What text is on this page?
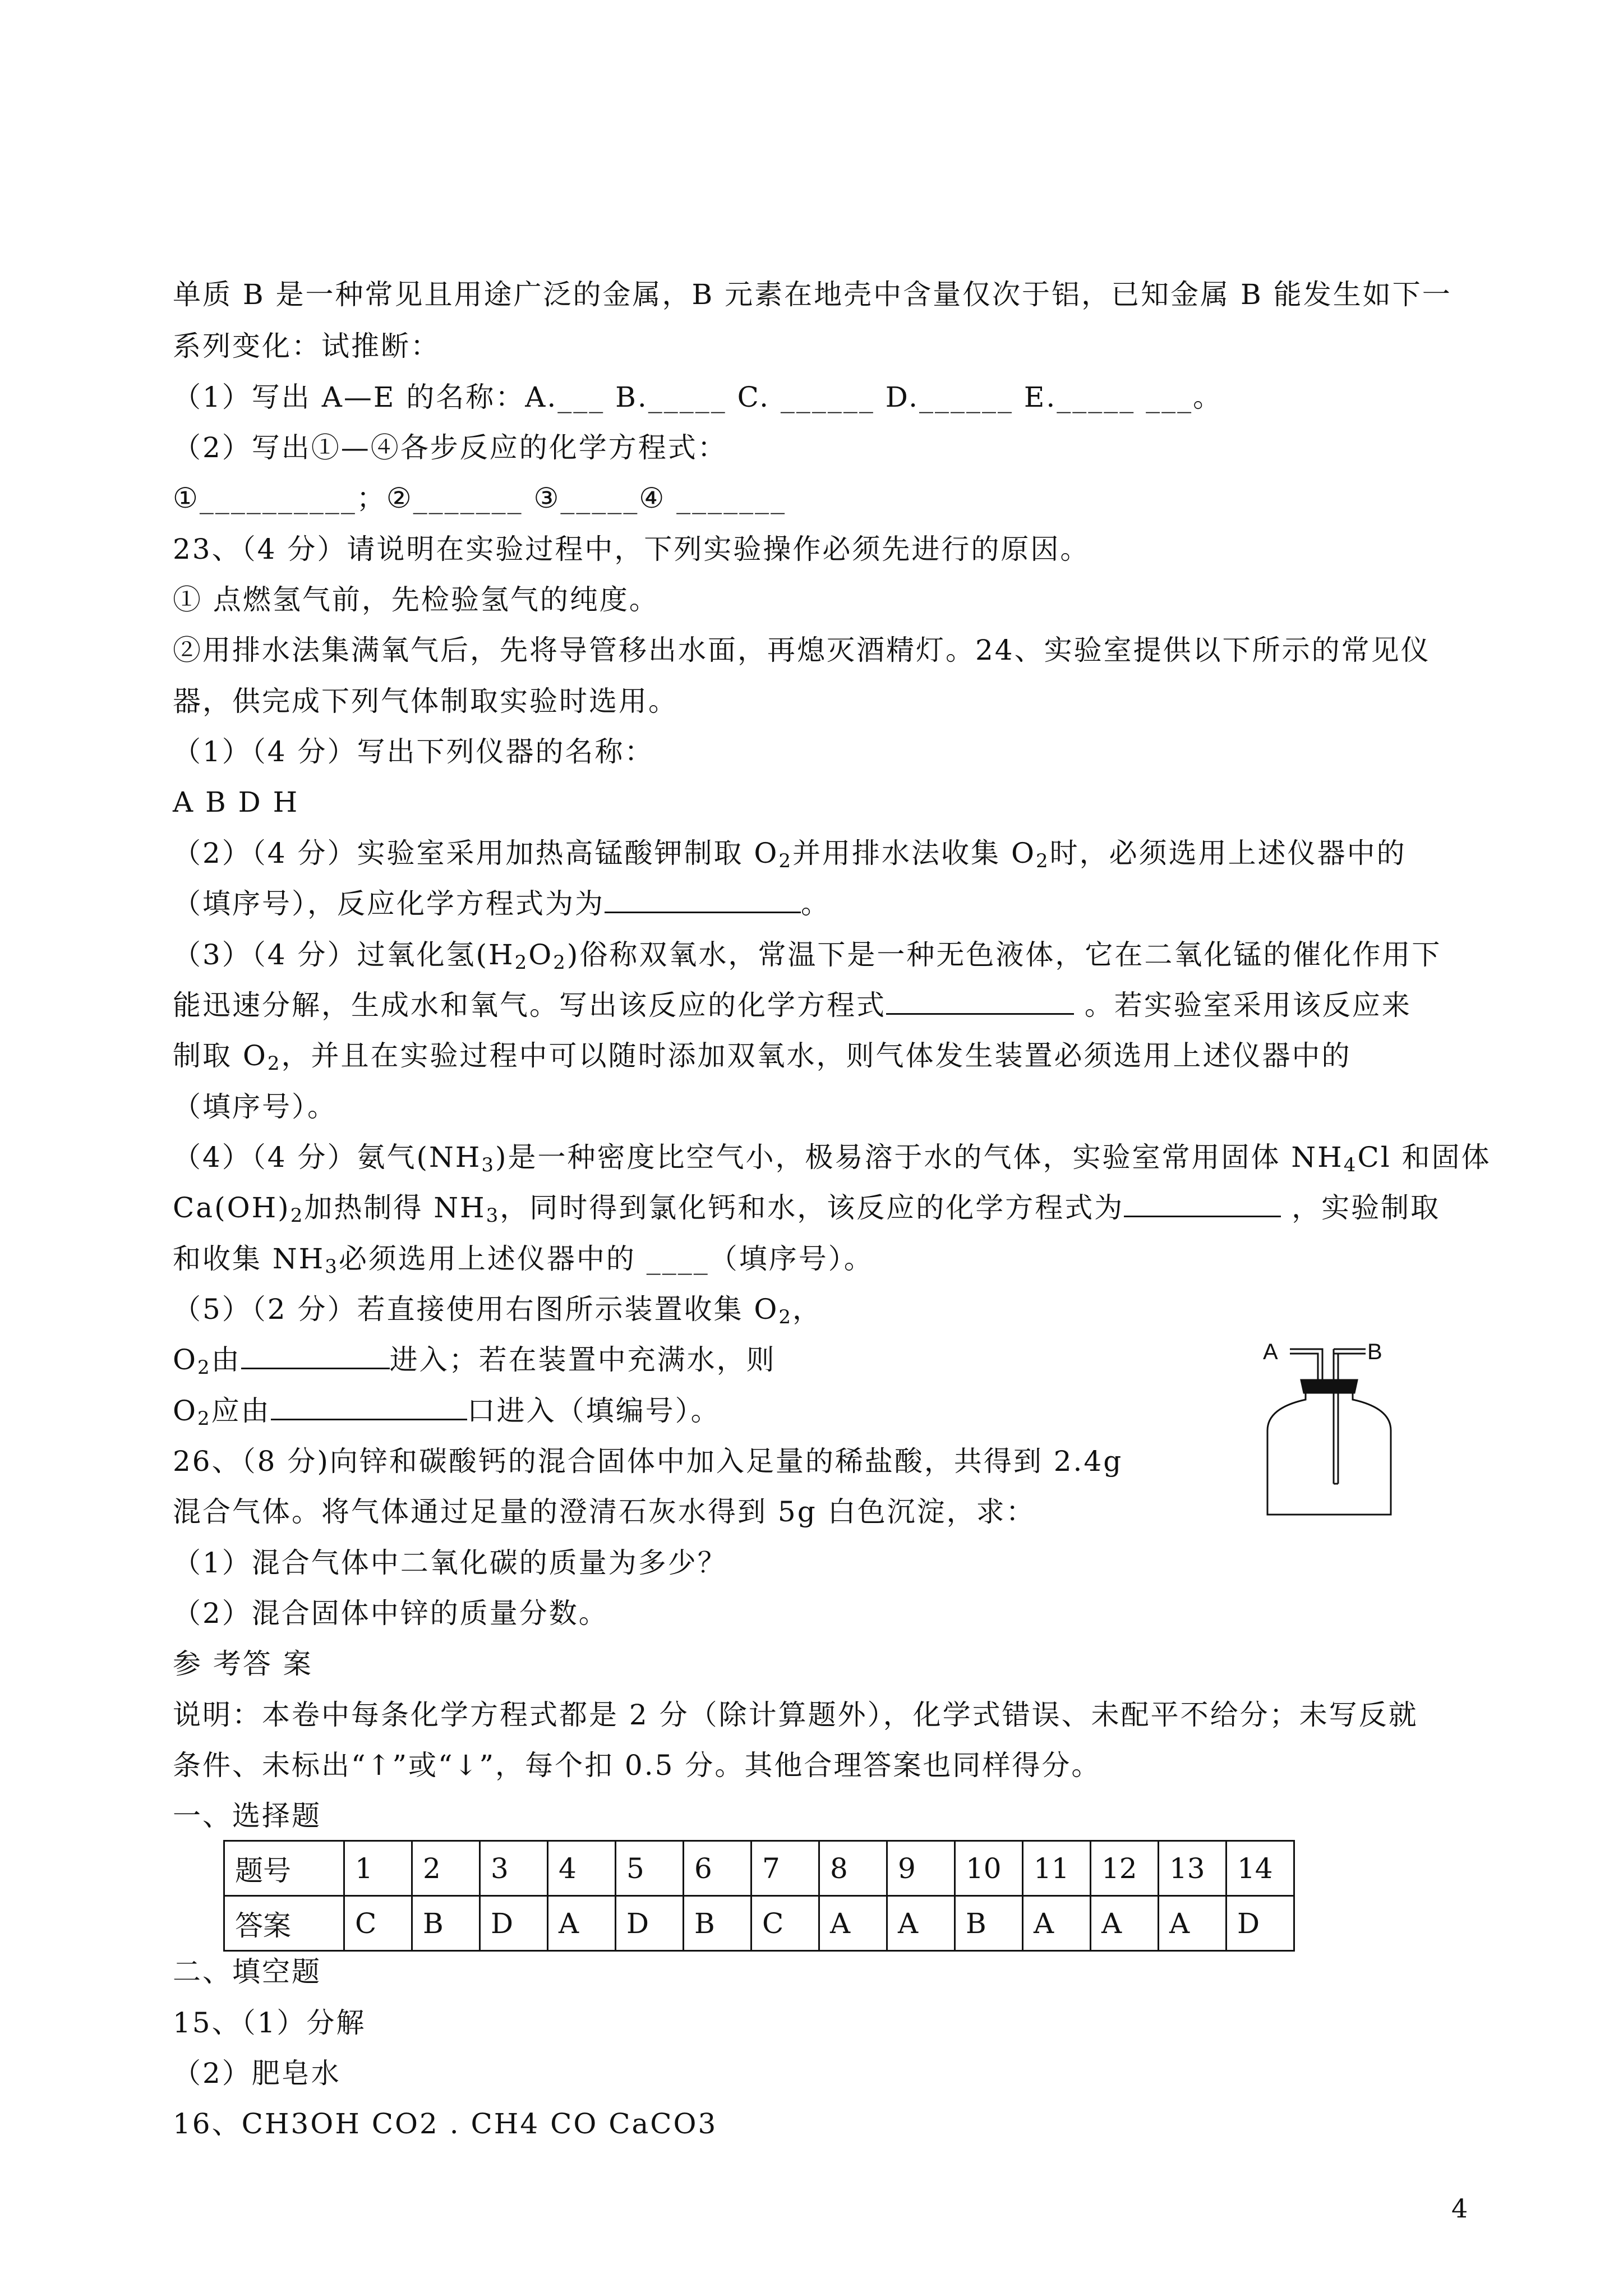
单质 B 是一种常见且用途广泛的金属，B 元素在地壳中含量仅次于铝，已知金属 B 能发生如下一
系列变化：试推断：
（1）写出 A—E 的名称：A.___ B._____ C. ______ D.______ E._____ ___。
（2）写出①—④各步反应的化学方程式：
①__________；②_______ ③_____④ _______
23、（4 分）请说明在实验过程中，下列实验操作必须先进行的原因。
① 点燃氢气前，先检验氢气的纯度。
②用排水法集满氧气后，先将导管移出水面，再熄灭酒精灯。24、实验室提供以下所示的常见仪
器，供完成下列气体制取实验时选用。
（1）（4 分）写出下列仪器的名称：
A B D H
（2）（4 分）实验室采用加热高锰酸钾制取 $O_2$并用排水法收集 $O_2$时，必须选用上述仪器中的
（填序号），反应化学方程式为为	。
（3）（4 分）过氧化氢$(H_2O_2)$俗称双氧水，常温下是一种无色液体，它在二氧化锰的催化作用下
能迅速分解，生成水和氧气。写出该反应的化学方程式	。若实验室采用该反应来
制取 $O_2$，并且在实验过程中可以随时添加双氧水，则气体发生装置必须选用上述仪器中的
（填序号）。
（4）（4 分）氨气$(NH_3)$是一种密度比空气小，极易溶于水的气体，实验室常用固体 $NH_4Cl$ 和固体
$Ca(OH)_2$加热制得 $NH_3$，同时得到氯化钙和水，该反应的化学方程式为	，实验制取
和收集 $NH_3$必须选用上述仪器中的 ____（填序号）。
（5）（2 分）若直接使用右图所示装置收集 $O_2$，
$O_2$由	进入；若在装置中充满水，则
$O_2$应由	口进入（填编号）。
26、（8 分)向锌和碳酸钙的混合固体中加入足量的稀盐酸，共得到 2.4g
混合气体。将气体通过足量的澄清石灰水得到 5g 白色沉淀，求：
（1）混合气体中二氧化碳的质量为多少？
（2）混合固体中锌的质量分数。
参 考答 案
说明：本卷中每条化学方程式都是 2 分（除计算题外），化学式错误、未配平不给分；未写反就
条件、未标出“↑”或“↓”，每个扣 0.5 分。其他合理答案也同样得分。
一、选择题
题号	1	2	3	4	5	6	7	8	9	10	11	12	13	14
答案	C	B	D	A	D	B	C	A	A	B	A	A	A	D
二、填空题
15、（1）分解
（2）肥皂水
16、CH3OH CO2 . CH4 CO CaCO3
A	B
4
